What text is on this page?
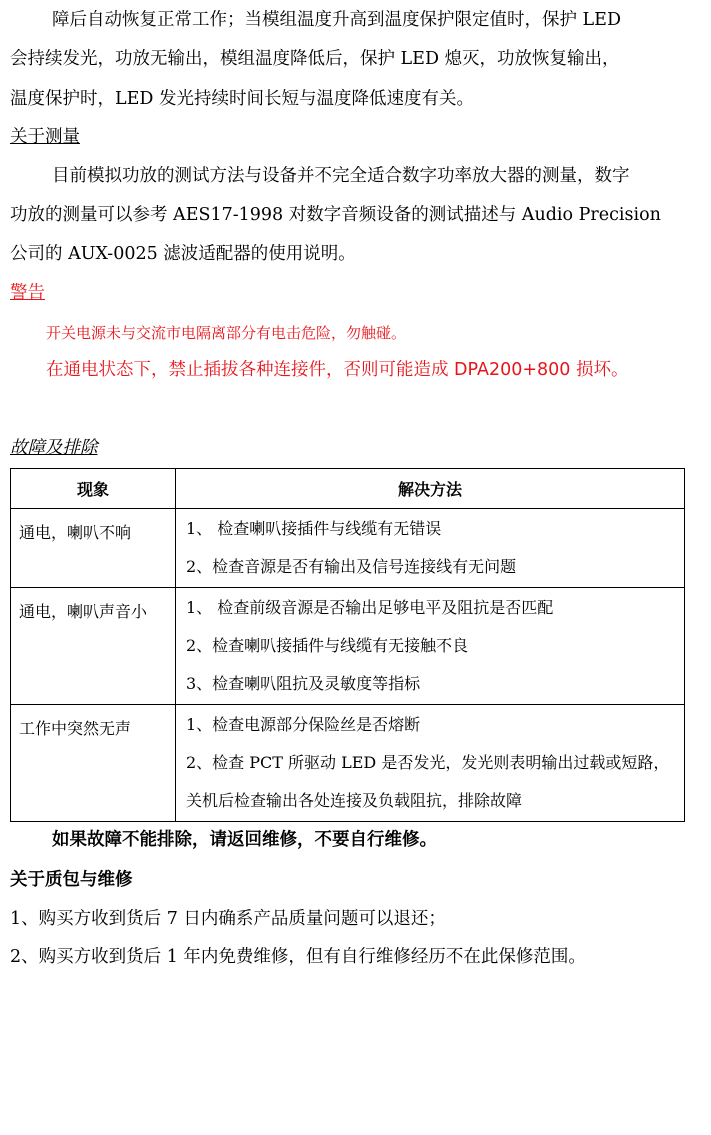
障后自动恢复正常工作；当模组温度升高到温度保护限定值时，保护 LED

会持续发光，功放无输出，模组温度降低后，保护 LED 熄灭，功放恢复输出，

温度保护时，LED 发光持续时间长短与温度降低速度有关。

关于测量

目前模拟功放的测试方法与设备并不完全适合数字功率放大器的测量，数字

功放的测量可以参考 AES17-1998 对数字音频设备的测试描述与 Audio Precision

公司的 AUX-0025 滤波适配器的使用说明。

警告

开关电源未与交流市电隔离部分有电击危险，勿触碰。

在通电状态下，禁止插拔各种连接件，否则可能造成 DPA200+800 损坏。

故障及排除

现象	解决方法
通电，喇叭不响	1、 检查喇叭接插件与线缆有无错误
2、检查音源是否有输出及信号连接线有无问题

通电，喇叭声音小	1、 检查前级音源是否输出足够电平及阻抗是否匹配
2、检查喇叭接插件与线缆有无接触不良
3、检查喇叭阻抗及灵敏度等指标

工作中突然无声	1、检查电源部分保险丝是否熔断
2、检查 PCT 所驱动 LED 是否发光，发光则表明输出过载或短路，
关机后检查输出各处连接及负载阻抗，排除故障

如果故障不能排除，请返回维修，不要自行维修。

关于质包与维修

1、购买方收到货后 7 日内确系产品质量问题可以退还；

2、购买方收到货后 1 年内免费维修，但有自行维修经历不在此保修范围。
